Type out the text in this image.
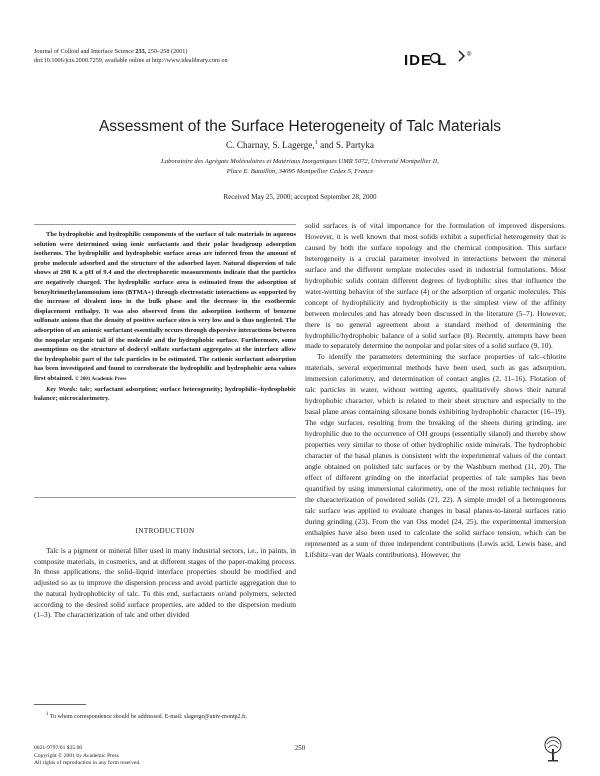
Journal of Colloid and Interface Science 233, 250–258 (2001)
doi:10.1006/jcis.2000.7259, available online at http://www.idealibrary.com on	IDE L	®
Assessment of the Surface Heterogeneity of Talc Materials
C. Charnay, S. Lagerge,$^1$ and S. Partyka
Laboratoire des Agrégats Moléculaires et Matériaux Inorganiques UMR 5072, Université Montpellier II,
Place E. Bataillon, 34095 Montpellier Cedex 5, France
Received May 25, 2000; accepted September 28, 2000

The hydrophobic and hydrophilic components of the surface of talc materials in aqueous solution were determined using ionic surfactants and their polar headgroup adsorption isotherms. The hydrophilic and hydrophobic surface areas are inferred from the amount of probe molecule adsorbed and the structure of the adsorbed layer. Natural dispersion of talc shows at 298 K a pH of 9.4 and the electrophoretic measurements indicate that the particles are negatively charged. The hydrophilic surface area is estimated from the adsorption of benzyltrimethylammonium ions (BTMA+) through electrostatic interactions as supported by the increase of divalent ions in the bulk phase and the decrease in the exothermic displacement enthalpy. It was also observed from the adsorption isotherm of benzene sulfonate anions that the density of positive surface sites is very low and is thus neglected. The adsorption of an anionic surfactant essentially occurs through dispersive interactions between the nonpolar organic tail of the molecule and the hydrophobic surface. Furthermore, some assumptions on the structure of dodecyl sulfate surfactant aggregates at the interface allow the hydrophobic part of the talc particles to be estimated. The cationic surfactant adsorption has been investigated and found to corroborate the hydrophilic and hydrophobic area values first obtained. © 2001 Academic Press

Key Words: talc; surfactant adsorption; surface heterogeneity; hydrophilic–hydrophobic balance; microcalorimetry.

INTRODUCTION

Talc is a pigment or mineral filler used in many industrial sectors, i.e., in paints, in composite materials, in cosmetics, and at different stages of the paper-making process. In those applications, the solid–liquid interface properties should be modified and adjusted so as to improve the dispersion process and avoid particle aggregation due to the natural hydrophobicity of talc. To this end, surfactants or/and polymers, selected according to the desired solid surface properties, are added to the dispersion medium (1–3). The characterization of talc and other divided

solid surfaces is of vital importance for the formulation of improved dispersions. However, it is well known that most solids exhibit a superficial heterogeneity that is caused by both the surface topology and the chemical composition. This surface heterogeneity is a crucial parameter involved in interactions between the mineral surface and the different template molecules used in industrial formulations. Most hydrophobic solids contain different degrees of hydrophilic sites that influence the water-wetting behavior of the surface (4) or the adsorption of organic molecules. This concept of hydrophilicity and hydrophobicity is the simplest view of the affinity between molecules and has already been discussed in the literature (5–7). However, there is no general agreement about a standard method of determining the hydrophilic/hydrophobic balance of a solid surface (8). Recently, attempts have been made to separately determine the nonpolar and polar sites of a solid surface (9, 10).

To identify the parameters determining the surface properties of talc–chlorite materials, several experimental methods have been used, such as gas adsorption, immersion calorimetry, and determination of contact angles (2, 11–16). Flotation of talc particles in water, without wetting agents, qualitatively shows their natural hydrophobic character, which is related to their sheet structure and especially to the basal plane areas containing siloxane bonds exhibiting hydrophobic character (16–19). The edge surfaces, resulting from the breaking of the sheets during grinding, are hydrophilic due to the occurrence of OH groups (essentially silanol) and thereby show properties very similar to those of other hydrophilic oxide minerals. The hydrophobic character of the basal planes is consistent with the experimental values of the contact angle obtained on polished talc surfaces or by the Washburn method (11, 20). The effect of different grinding on the interfacial properties of talc samples has been quantified by using immersional calorimetry, one of the most reliable techniques for the characterization of powdered solids (21, 22). A simple model of a heterogeneous talc surface was applied to evaluate changes in basal planes-to-lateral surfaces ratio during grinding (23). From the van Oss model (24, 25), the experimental immersion enthalpies have also been used to calculate the solid surface tension, which can be represented as a sum of three independent contributions (Lewis acid, Lewis base, and Lifshitz–van der Waals contributions). However, the

$^1$ To whom correspondence should be addressed. E-mail: slagerge@univ-montp2.fr.

0021-9797/01 $35.00
Copyright © 2001 by Academic Press
All rights of reproduction in any form reserved.
250
